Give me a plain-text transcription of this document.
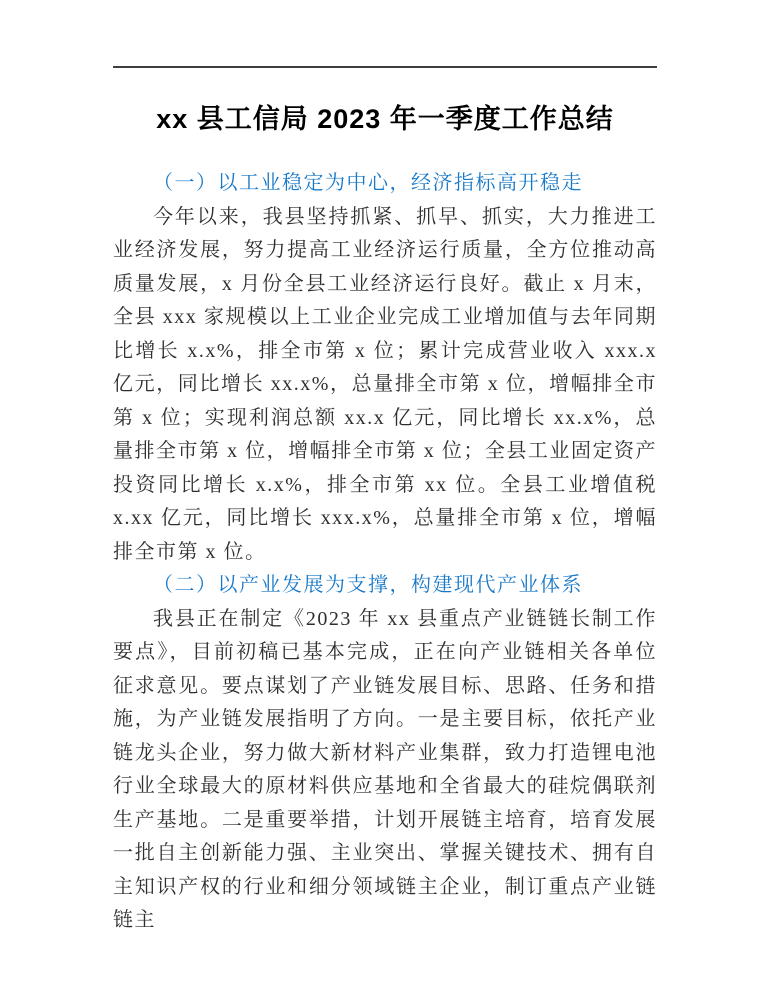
xx 县工信局 2023 年一季度工作总结
（一）以工业稳定为中心，经济指标高开稳走

今年以来，我县坚持抓紧、抓早、抓实，大力推进工业经济发展，努力提高工业经济运行质量，全方位推动高质量发展，x 月份全县工业经济运行良好。截止 x 月末，全县 xxx 家规模以上工业企业完成工业增加值与去年同期比增长 x.x%，排全市第 x 位；累计完成营业收入 xxx.x 亿元，同比增长 xx.x%，总量排全市第 x 位，增幅排全市第 x 位；实现利润总额 xx.x 亿元，同比增长 xx.x%，总量排全市第 x 位，增幅排全市第 x 位；全县工业固定资产投资同比增长 x.x%，排全市第 xx 位。全县工业增值税 x.xx 亿元，同比增长 xxx.x%，总量排全市第 x 位，增幅排全市第 x 位。

（二）以产业发展为支撑，构建现代产业体系

我县正在制定《2023 年 xx 县重点产业链链长制工作要点》，目前初稿已基本完成，正在向产业链相关各单位征求意见。要点谋划了产业链发展目标、思路、任务和措施，为产业链发展指明了方向。一是主要目标，依托产业链龙头企业，努力做大新材料产业集群，致力打造锂电池行业全球最大的原材料供应基地和全省最大的硅烷偶联剂生产基地。二是重要举措，计划开展链主培育，培育发展一批自主创新能力强、主业突出、掌握关键技术、拥有自主知识产权的行业和细分领域链主企业，制订重点产业链链主
